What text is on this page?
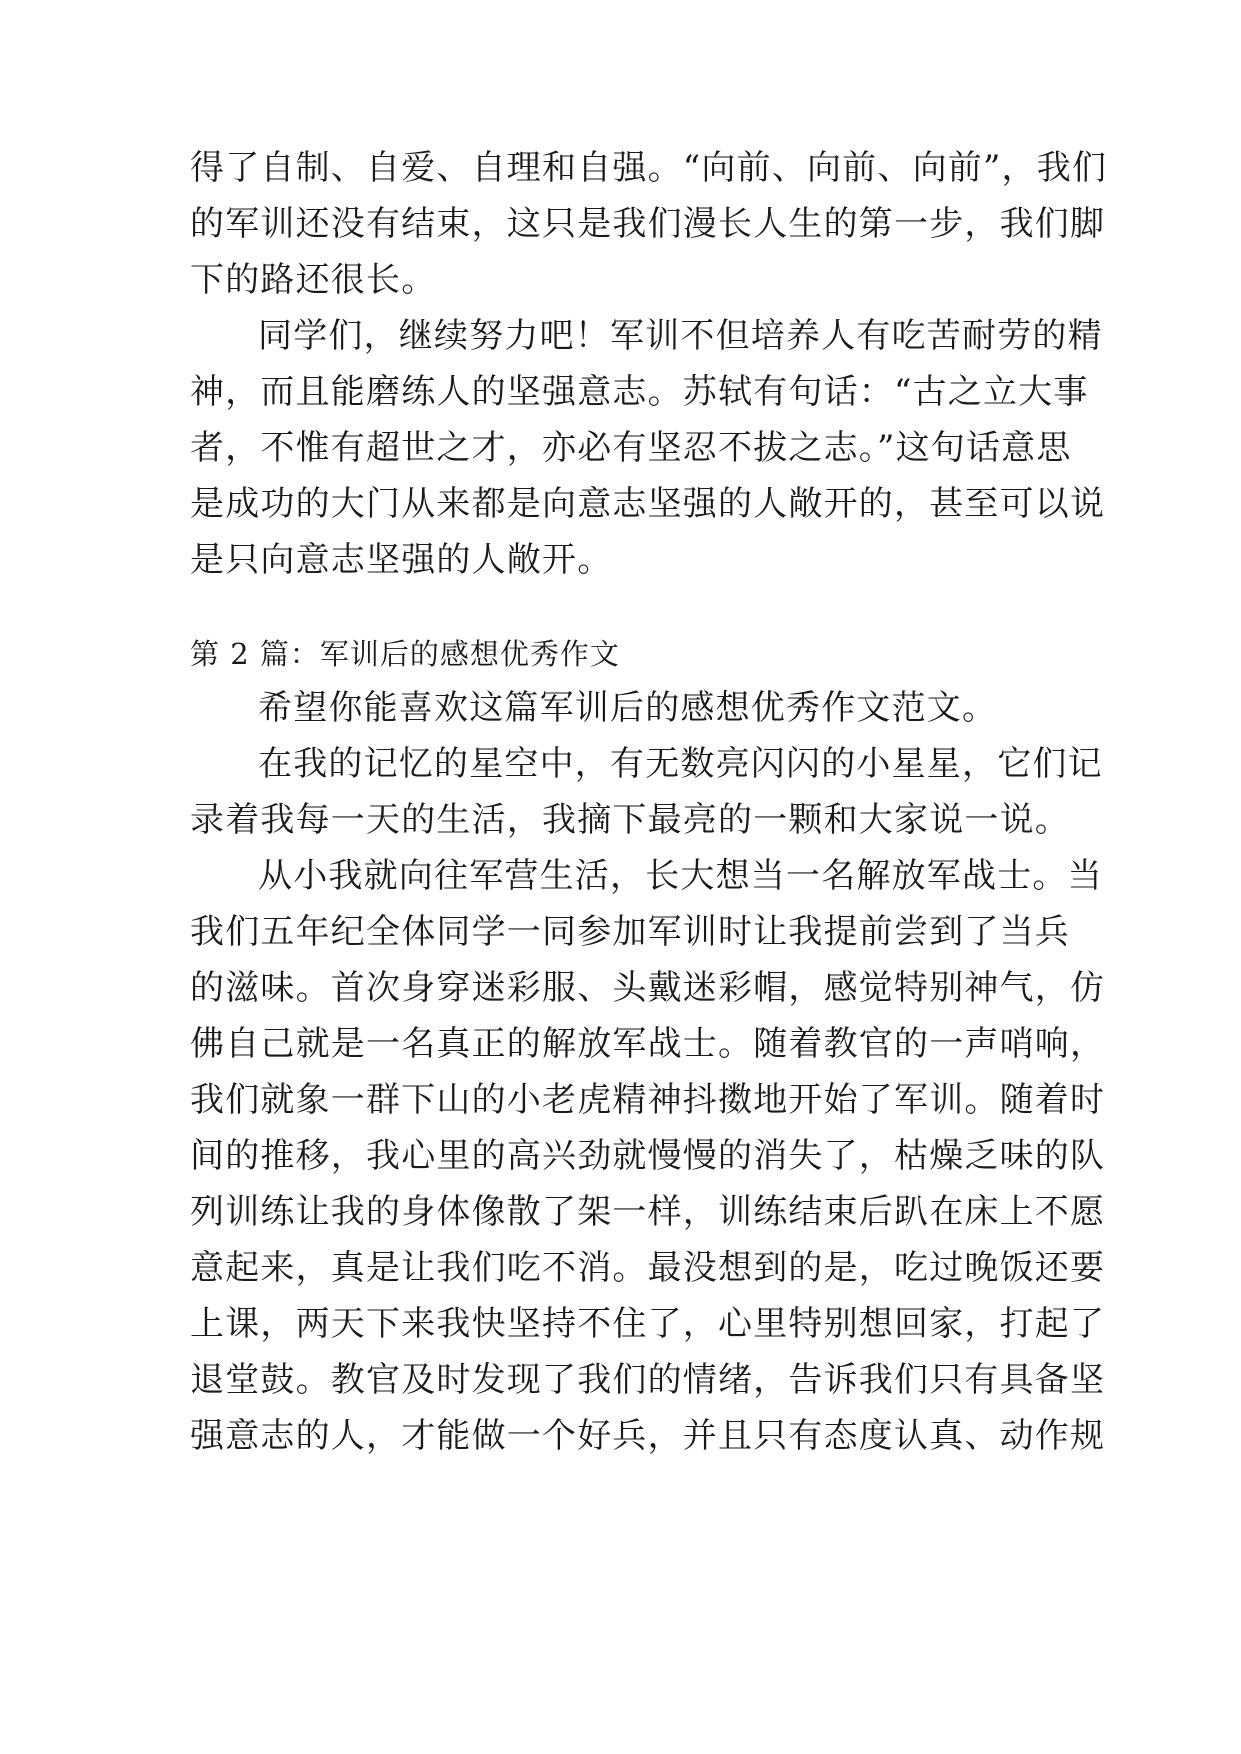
得了自制、自爱、自理和自强。“向前、向前、向前”，我们
的军训还没有结束，这只是我们漫长人生的第一步，我们脚
下的路还很长。
同学们，继续努力吧！军训不但培养人有吃苦耐劳的精
神，而且能磨练人的坚强意志。苏轼有句话：“古之立大事
者，不惟有超世之才，亦必有坚忍不拔之志。”这句话意思
是成功的大门从来都是向意志坚强的人敞开的，甚至可以说
是只向意志坚强的人敞开。
第 2 篇：军训后的感想优秀作文
希望你能喜欢这篇军训后的感想优秀作文范文。
在我的记忆的星空中，有无数亮闪闪的小星星，它们记
录着我每一天的生活，我摘下最亮的一颗和大家说一说。
从小我就向往军营生活，长大想当一名解放军战士。当
我们五年纪全体同学一同参加军训时让我提前尝到了当兵
的滋味。首次身穿迷彩服、头戴迷彩帽，感觉特别神气，仿
佛自己就是一名真正的解放军战士。随着教官的一声哨响，
我们就象一群下山的小老虎精神抖擞地开始了军训。随着时
间的推移，我心里的高兴劲就慢慢的消失了，枯燥乏味的队
列训练让我的身体像散了架一样，训练结束后趴在床上不愿
意起来，真是让我们吃不消。最没想到的是，吃过晚饭还要
上课，两天下来我快坚持不住了，心里特别想回家，打起了
退堂鼓。教官及时发现了我们的情绪，告诉我们只有具备坚
强意志的人，才能做一个好兵，并且只有态度认真、动作规
